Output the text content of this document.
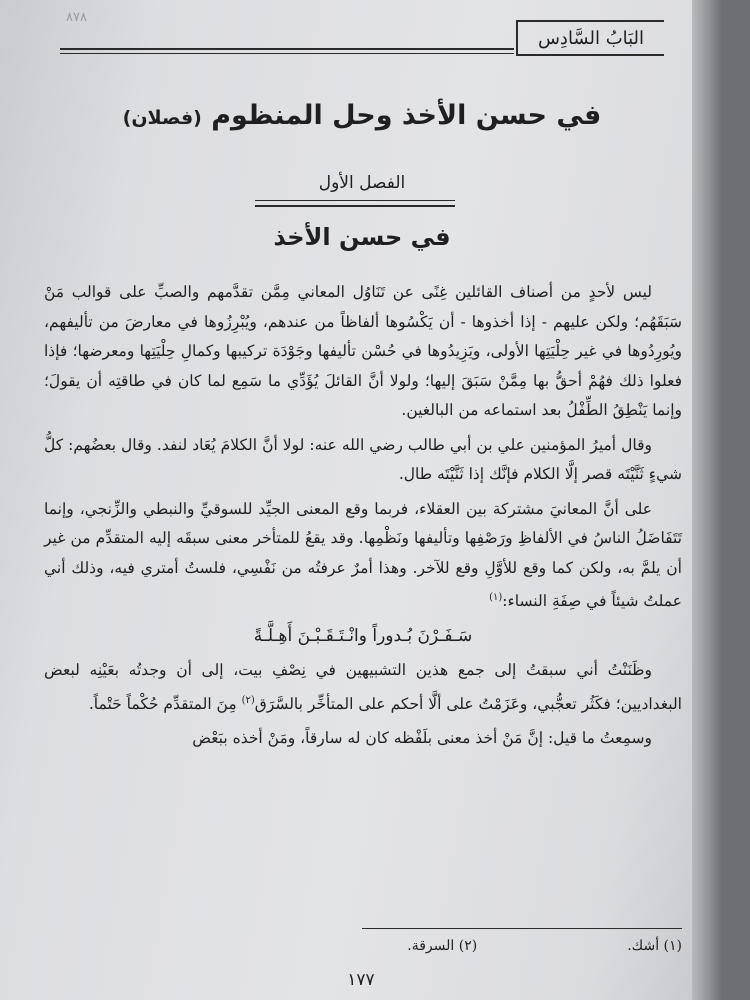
٨٧٨
البَابُ السَّادِس
في حسن الأخذ وحل المنظوم (فصلان)
الفصل الأول
في حسن الأخذ

ليس لأحدٍ من أصناف القائلين غِنًى عن تَنَاوُل المعاني مِمَّن تقدَّمهم والصبِّ على قوالب مَنْ سَبَقَهُم؛ ولكن عليهم - إذا أخذوها - أن يَكْسُوها ألفاظاً من عندهم، ويُبْرِزُوها في معارضَ من تأليفهم، ويُورِدُوها في غير حِلْيَتِها الأولى، ويَزِيدُوها في حُسْن تأليفها وجَوْدَة تركيبها وكمالِ حِلْيَتِها ومعرضها؛ فإذا فعلوا ذلك فهُمْ أحقُّ بها مِمَّنْ سَبَقَ إليها؛ ولولا أنَّ القائلَ يُؤَدِّي ما سَمِع لما كان في طاقتِه أن يقولَ؛ وإنما يَنْطِقُ الطِّفْلُ بعد استماعه من البالغين.

وقال أميرُ المؤمنين علي بن أبي طالب رضي الله عنه: لولا أنَّ الكلامَ يُعَاد لنفد. وقال بعضُهم: كلُّ شيءٍ ثَنَّيْتَه قصر إلَّا الكلام فإنَّك إذا ثَنَّيْتَه طال.

على أنَّ المعانيَ مشتركة بين العقلاء، فربما وقع المعنى الجيِّد للسوقيِّ والنبطي والزِّنجي، وإنما تَتَفَاضَلُ الناسُ في الألفاظِ ورَصْفِها وتأليفها ونَظْمِها. وقد يقعُ للمتأخر معنى سبقَه إليه المتقدِّم من غير أن يلمَّ به، ولكن كما وقع للأوَّلِ وقع للآخر. وهذا أمرٌ عرفتُه من نَفْسِي، فلستُ أمتري فيه، وذلك أني عملتُ شيئاً في صِفَةِ النساء:$^{(١)}$

سَـفَـرْنَ بُـدوراً وانْـتَـقَـبْـنَ أَهِـلَّـةً

وظَنَنْتُ أني سبقتُ إلى جمع هذين التشبيهين في نِصْفِ بيت، إلى أن وجدتُه بعَيْنِه لبعض البغداديين؛ فكَثُر تعجُّبي، وعَزَمْتُ على ألَّا أحكم على المتأخِّر بالسَّرَق$^{(٢)}$ مِنَ المتقدِّم حُكْماً حَتْماً.

وسمِعتُ ما قيل: إنَّ مَنْ أخذ معنى بلَفْظه كان له سارقاً، ومَنْ أخذه ببَعْض

(١) أشك.
(٢) السرقة.
١٧٧
